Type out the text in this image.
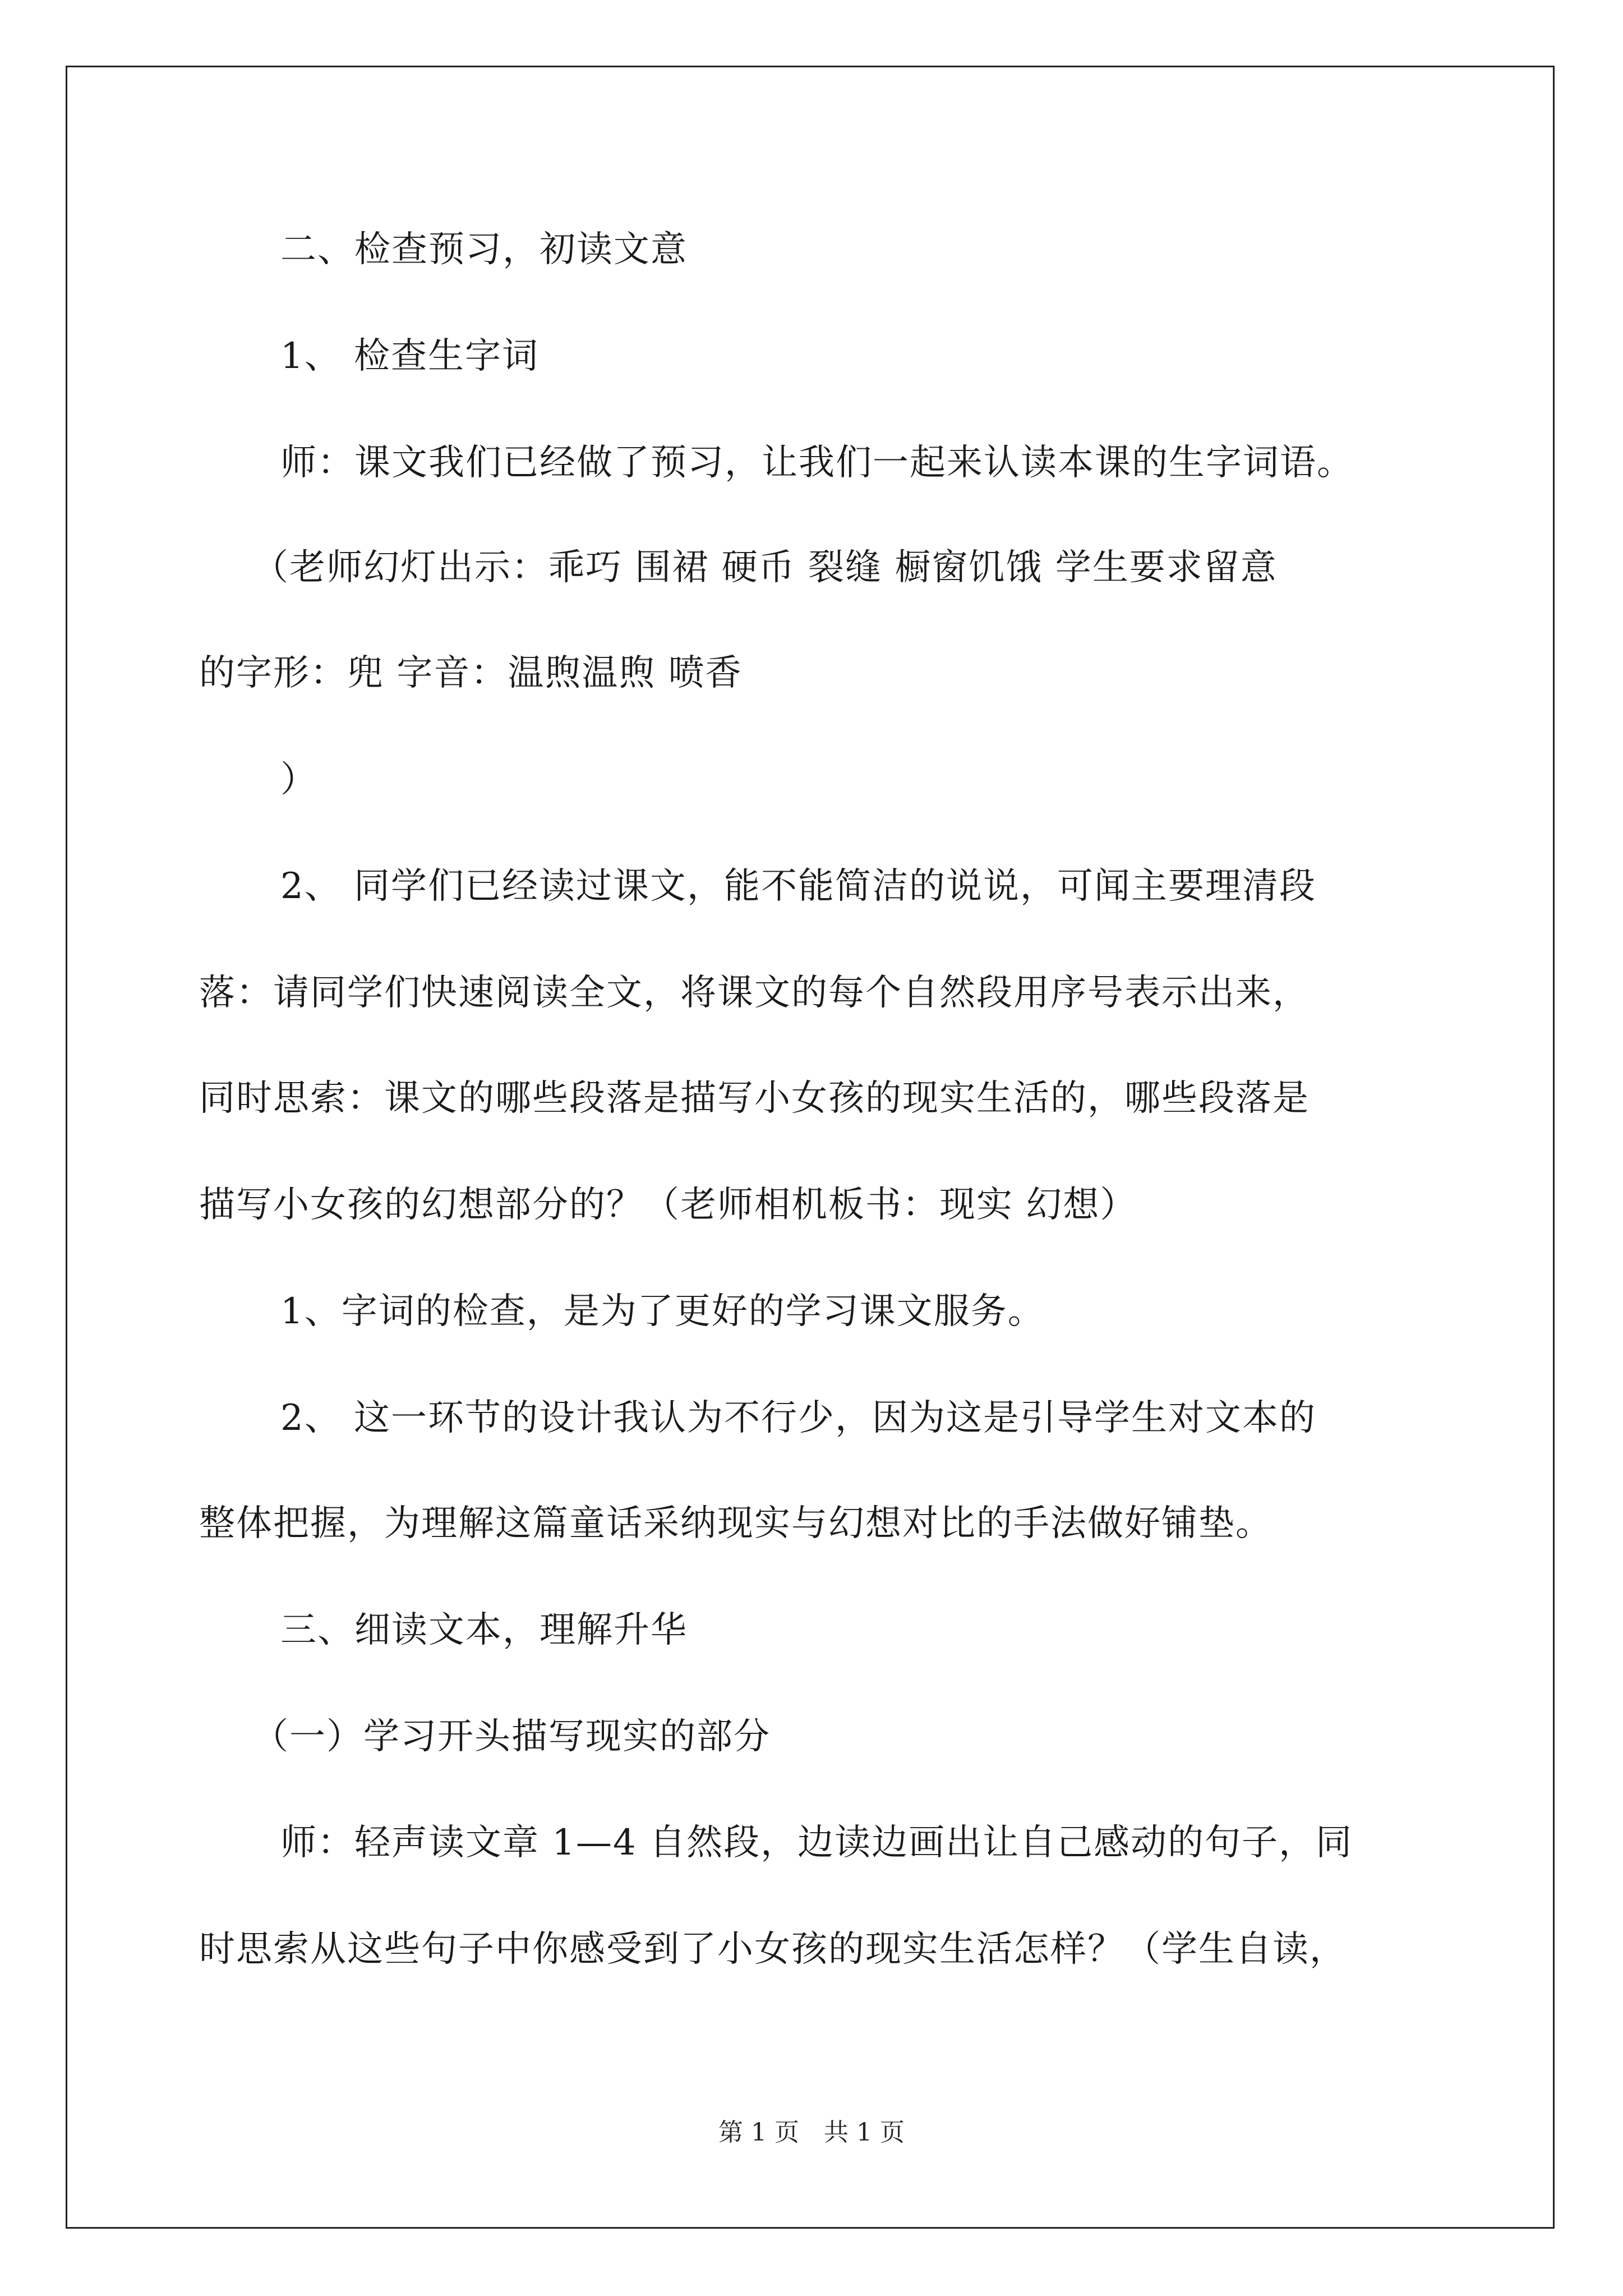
二、检查预习，初读文意
1、 检查生字词
师：课文我们已经做了预习，让我们一起来认读本课的生字词语。
（老师幻灯出示：乖巧 围裙 硬币 裂缝 橱窗饥饿 学生要求留意
的字形：兜 字音：温煦温煦 喷香
）
2、 同学们已经读过课文，能不能简洁的说说，可闻主要理清段
落：请同学们快速阅读全文，将课文的每个自然段用序号表示出来，
同时思索：课文的哪些段落是描写小女孩的现实生活的，哪些段落是
描写小女孩的幻想部分的？（老师相机板书：现实 幻想）
1、字词的检查，是为了更好的学习课文服务。
2、 这一环节的设计我认为不行少，因为这是引导学生对文本的
整体把握，为理解这篇童话采纳现实与幻想对比的手法做好铺垫。
三、细读文本，理解升华
（一）学习开头描写现实的部分
师：轻声读文章 1—4 自然段，边读边画出让自己感动的句子，同
时思索从这些句子中你感受到了小女孩的现实生活怎样？（学生自读，
第 1 页　共 1 页
